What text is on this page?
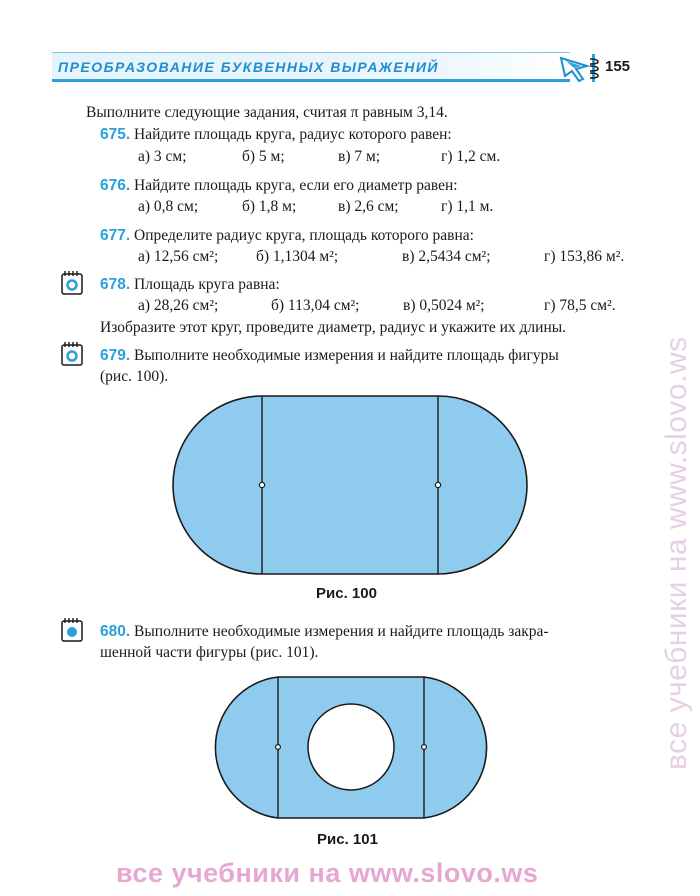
ПРЕОБРАЗОВАНИЕ БУКВЕННЫХ ВЫРАЖЕНИЙ	155
Выполните следующие задания, считая π равным 3,14.
675. Найдите площадь круга, радиус которого равен:
а) 3 см;	б) 5 м;	в) 7 м;	г) 1,2 см.
676. Найдите площадь круга, если его диаметр равен:
а) 0,8 см;	б) 1,8 м;	в) 2,6 см;	г) 1,1 м.
677. Определите радиус круга, площадь которого равна:
а) 12,56 см²; б) 1,1304 м²;	в) 2,5434 см²;	г) 153,86 м².
678. Площадь круга равна:
а) 28,26 см²;	б) 113,04 см²;	в) 0,5024 м²;	г) 78,5 см².
Изобразите этот круг, проведите диаметр, радиус и укажите их длины.
679. Выполните необходимые измерения и найдите площадь фигуры
(рис. 100).
Рис. 100
680. Выполните необходимые измерения и найдите площадь закра-
шенной части фигуры (рис. 101).
Рис. 101
все учебники на www.slovo.ws
все учебники на www.slovo.ws
